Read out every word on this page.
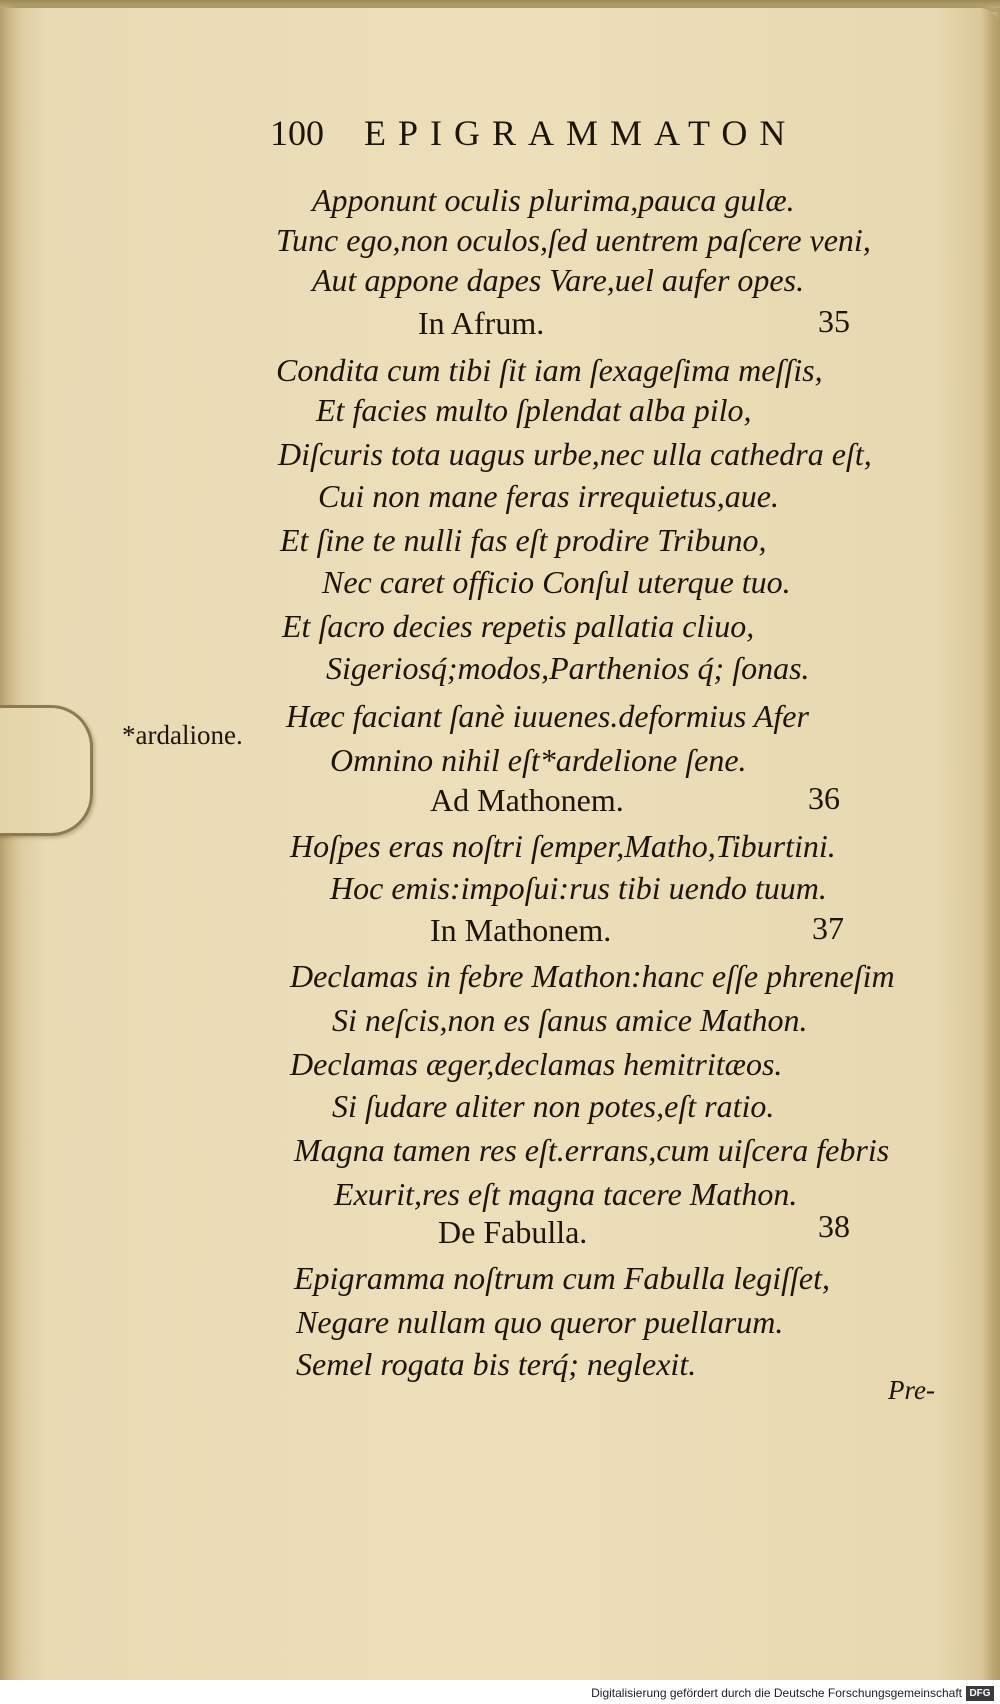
100 EPIGRAMMATON
Apponunt oculis plurima,pauca gulæ.
Tunc ego,non oculos,ſed uentrem paſcere veni,
Aut appone dapes Vare,uel aufer opes.
In Afrum.	35
Condita cum tibi ſit iam ſexageſima meſſis,
Et facies multo ſplendat alba pilo,
Diſcuris tota uagus urbe,nec ulla cathedra eſt,
Cui non mane feras irrequietus,aue.
Et ſine te nulli fas eſt prodire Tribuno,
Nec caret officio Conſul uterque tuo.
Et ſacro decies repetis pallatia cliuo,
Sigeriosq́;modos,Parthenios q́; ſonas.
Hæc faciant ſanè iuuenes.deformius Afer
Omnino nihil eſt*ardelione ſene.
*ardalione.
Ad Mathonem.	36
Hoſpes eras noſtri ſemper,Matho,Tiburtini.
Hoc emis:impoſui:rus tibi uendo tuum.
In Mathonem.	37
Declamas in febre Mathon:hanc eſſe phreneſim
Si neſcis,non es ſanus amice Mathon.
Declamas æger,declamas hemitritæos.
Si ſudare aliter non potes,eſt ratio.
Magna tamen res eſt.errans,cum uiſcera febris
Exurit,res eſt magna tacere Mathon.
De Fabulla.	38
Epigramma noſtrum cum Fabulla legiſſet,
Negare nullam quo queror puellarum.
Semel rogata bis terq́; neglexit.
Pre-
Digitalisierung gefördert durch die Deutsche Forschungsgemeinschaft DFG
